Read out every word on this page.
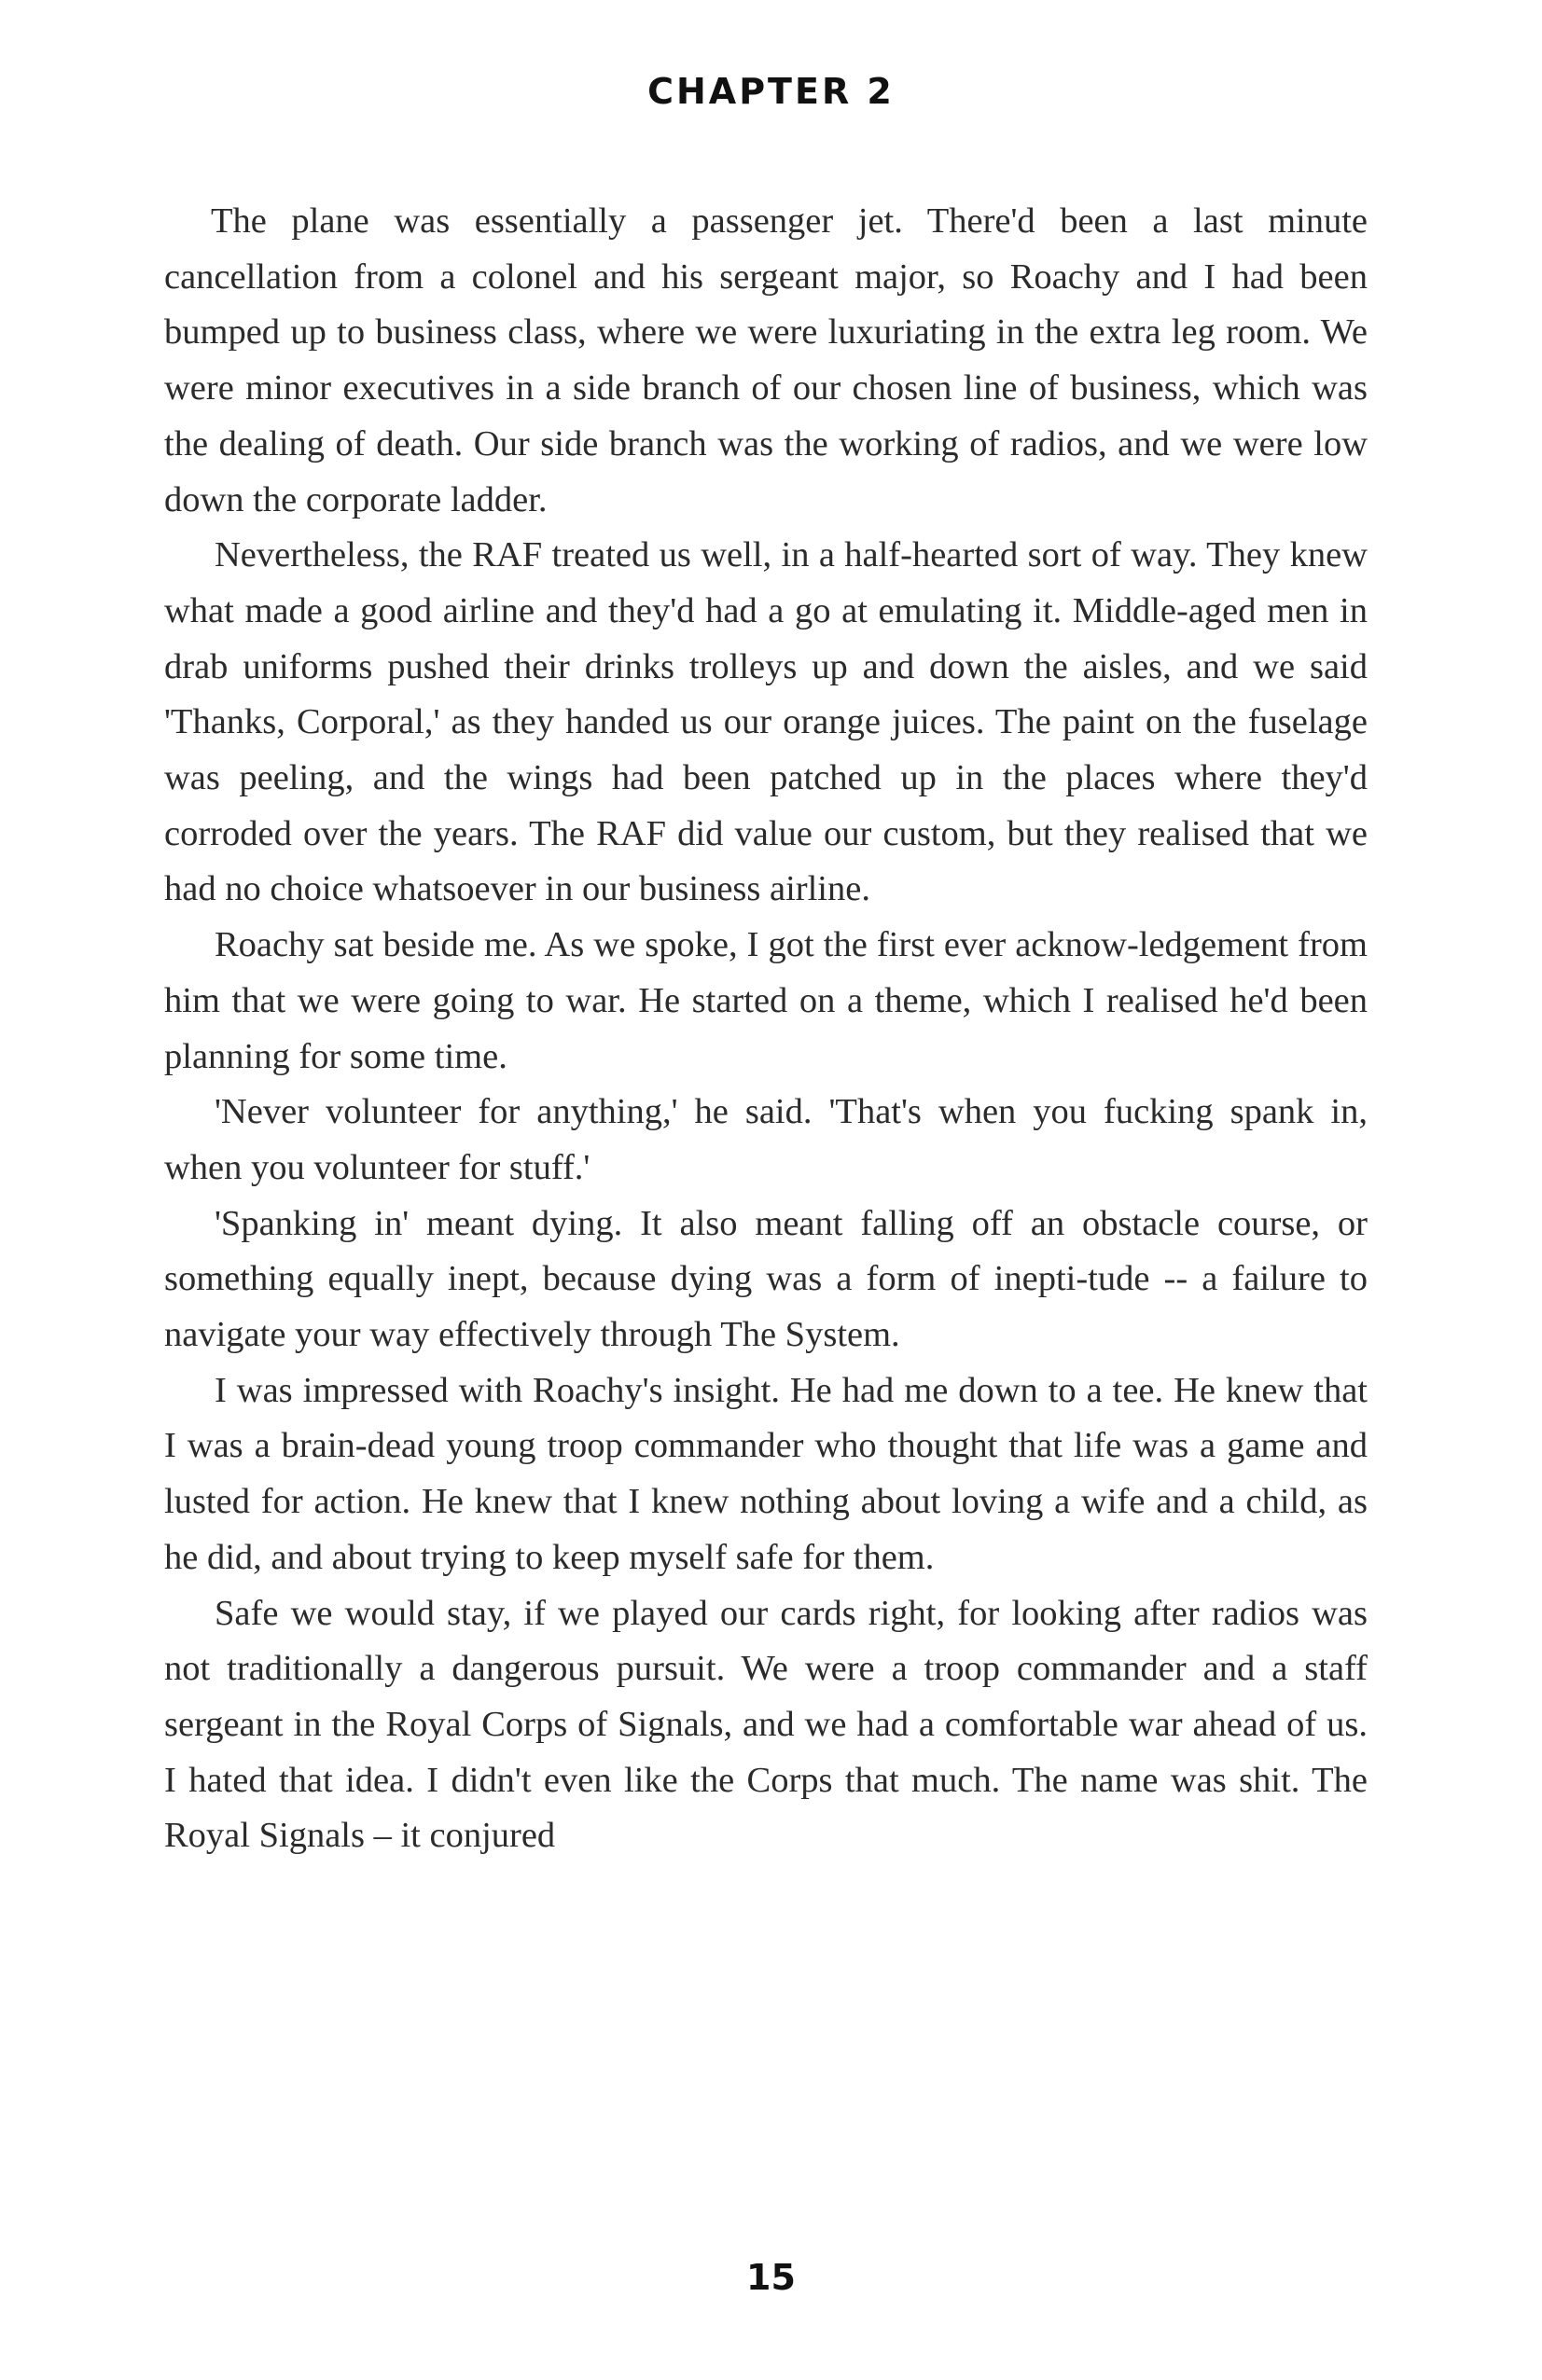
CHAPTER 2

The plane was essentially a passenger jet. There'd been a last minute cancellation from a colonel and his sergeant major, so Roachy and I had been bumped up to business class, where we were luxuriating in the extra leg room. We were minor executives in a side branch of our chosen line of business, which was the dealing of death. Our side branch was the working of radios, and we were low down the corporate ladder.

Nevertheless, the RAF treated us well, in a half-hearted sort of way. They knew what made a good airline and they'd had a go at emulating it. Middle-aged men in drab uniforms pushed their drinks trolleys up and down the aisles, and we said 'Thanks, Corporal,' as they handed us our orange juices. The paint on the fuselage was peeling, and the wings had been patched up in the places where they'd corroded over the years. The RAF did value our custom, but they realised that we had no choice whatsoever in our business airline.

Roachy sat beside me. As we spoke, I got the first ever acknow-ledgement from him that we were going to war. He started on a theme, which I realised he'd been planning for some time.

'Never volunteer for anything,' he said. 'That's when you fucking spank in, when you volunteer for stuff.'

'Spanking in' meant dying. It also meant falling off an obstacle course, or something equally inept, because dying was a form of inepti-tude -- a failure to navigate your way effectively through The System.

I was impressed with Roachy's insight. He had me down to a tee. He knew that I was a brain-dead young troop commander who thought that life was a game and lusted for action. He knew that I knew nothing about loving a wife and a child, as he did, and about trying to keep myself safe for them.

Safe we would stay, if we played our cards right, for looking after radios was not traditionally a dangerous pursuit. We were a troop commander and a staff sergeant in the Royal Corps of Signals, and we had a comfortable war ahead of us. I hated that idea. I didn't even like the Corps that much. The name was shit. The Royal Signals – it conjured

15
